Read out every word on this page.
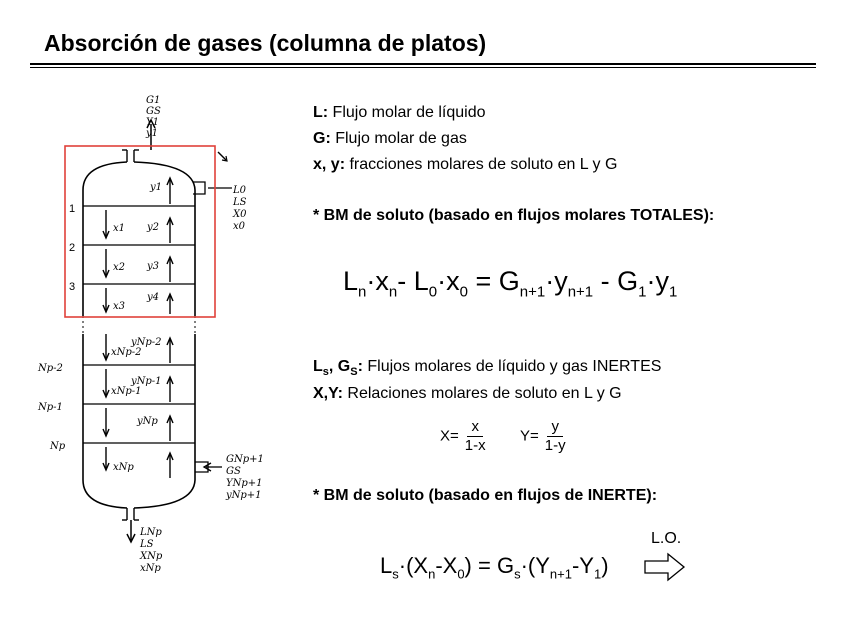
Absorción de gases (columna de platos)
L: Flujo molar de líquido
G: Flujo molar de gas
x, y: fracciones molares de soluto en L y G
* BM de soluto (basado en flujos molares TOTALES):
$L_n\cdot x_n-$ $L_0\cdot x_0 = G_{n+1}\cdot y_{n+1} - G_1\cdot y_1$
$L_s$, $G_S$: Flujos molares de líquido y gas INERTES
X,Y: Relaciones molares de soluto en L y G
$X= \frac{x}{1-x} Y= \frac{y}{1-y}$
* BM de soluto (basado en flujos de INERTE):
$L_s\cdot(X_n-X_0) = G_s\cdot(Y_{n+1}-Y_1)$
L.O.
G1
GS
Y1
y1
L0
LS
X0
x0
1
2
3
Np-2
Np-1
Np
x1
x2
x3
xNp-2
xNp-1
xNp
y1
y2
y3
y4
yNp-2
yNp-1
yNp
GNp+1
GS
YNp+1
yNp+1
LNp
LS
XNp
xNp
